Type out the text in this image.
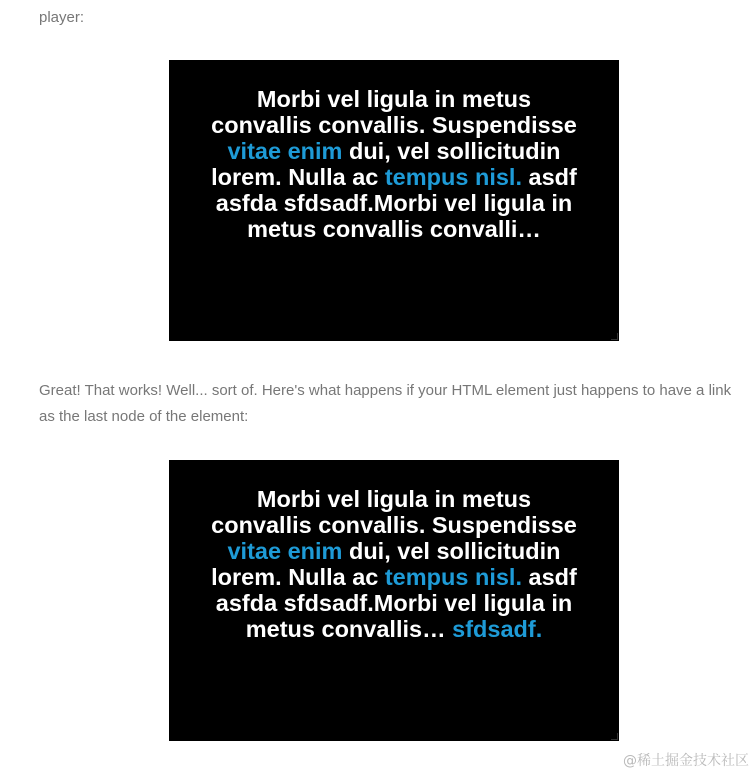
player:

Morbi vel ligula in metus convallis convallis. Suspendisse vitae enim dui, vel sollicitudin lorem. Nulla ac tempus nisl. asdf asfda sfdsadf.Morbi vel ligula in metus convallis convalli…

Great! That works! Well... sort of. Here's what happens if your HTML element just happens to have a link as the last node of the element:

Morbi vel ligula in metus convallis convallis. Suspendisse vitae enim dui, vel sollicitudin lorem. Nulla ac tempus nisl. asdf asfda sfdsadf.Morbi vel ligula in metus convallis… sfdsadf.

@稀土掘金技术社区
